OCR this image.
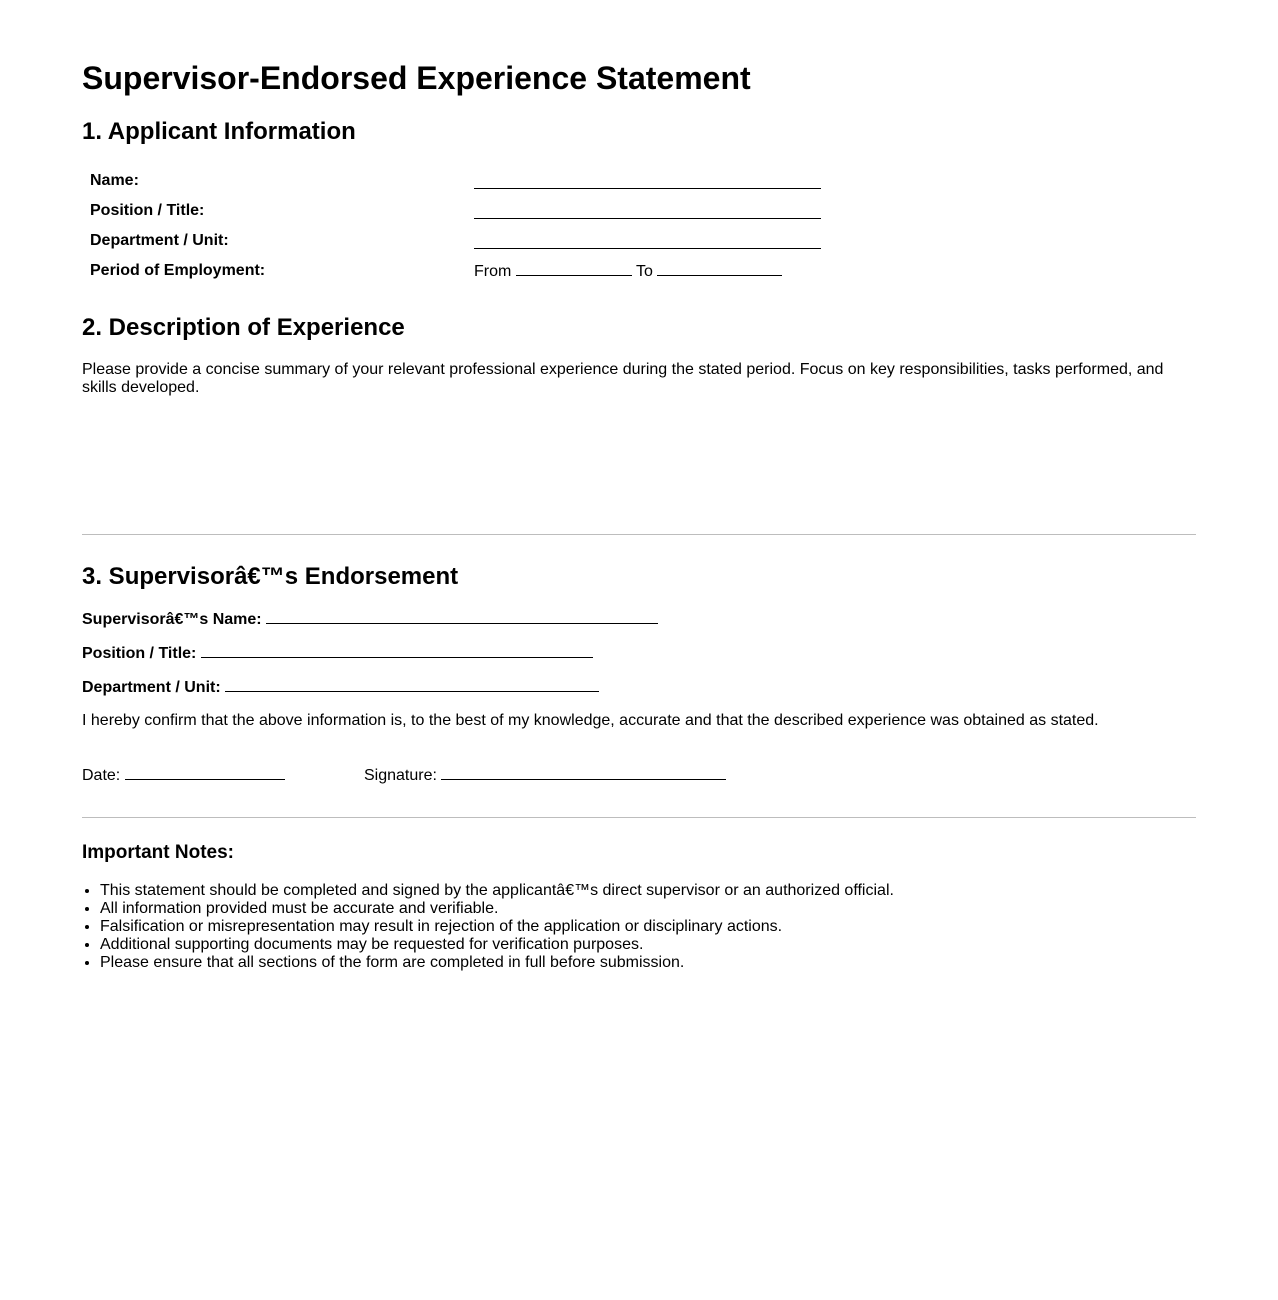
Supervisor-Endorsed Experience Statement
1. Applicant Information
Name:
Position / Title:
Department / Unit:
Period of Employment:	From	To
2. Description of Experience

Please provide a concise summary of your relevant professional experience during the stated period. Focus on key responsibilities, tasks performed, and skills developed.

3. Supervisorâ€™s Endorsement
Supervisorâ€™s Name:
Position / Title:
Department / Unit:
I hereby confirm that the above information is, to the best of my knowledge, accurate and that the described experience was obtained as stated.
Date:	Signature:
Important Notes:
• This statement should be completed and signed by the applicantâ€™s direct supervisor or an authorized official.
• All information provided must be accurate and verifiable.
• Falsification or misrepresentation may result in rejection of the application or disciplinary actions.
• Additional supporting documents may be requested for verification purposes.
• Please ensure that all sections of the form are completed in full before submission.
